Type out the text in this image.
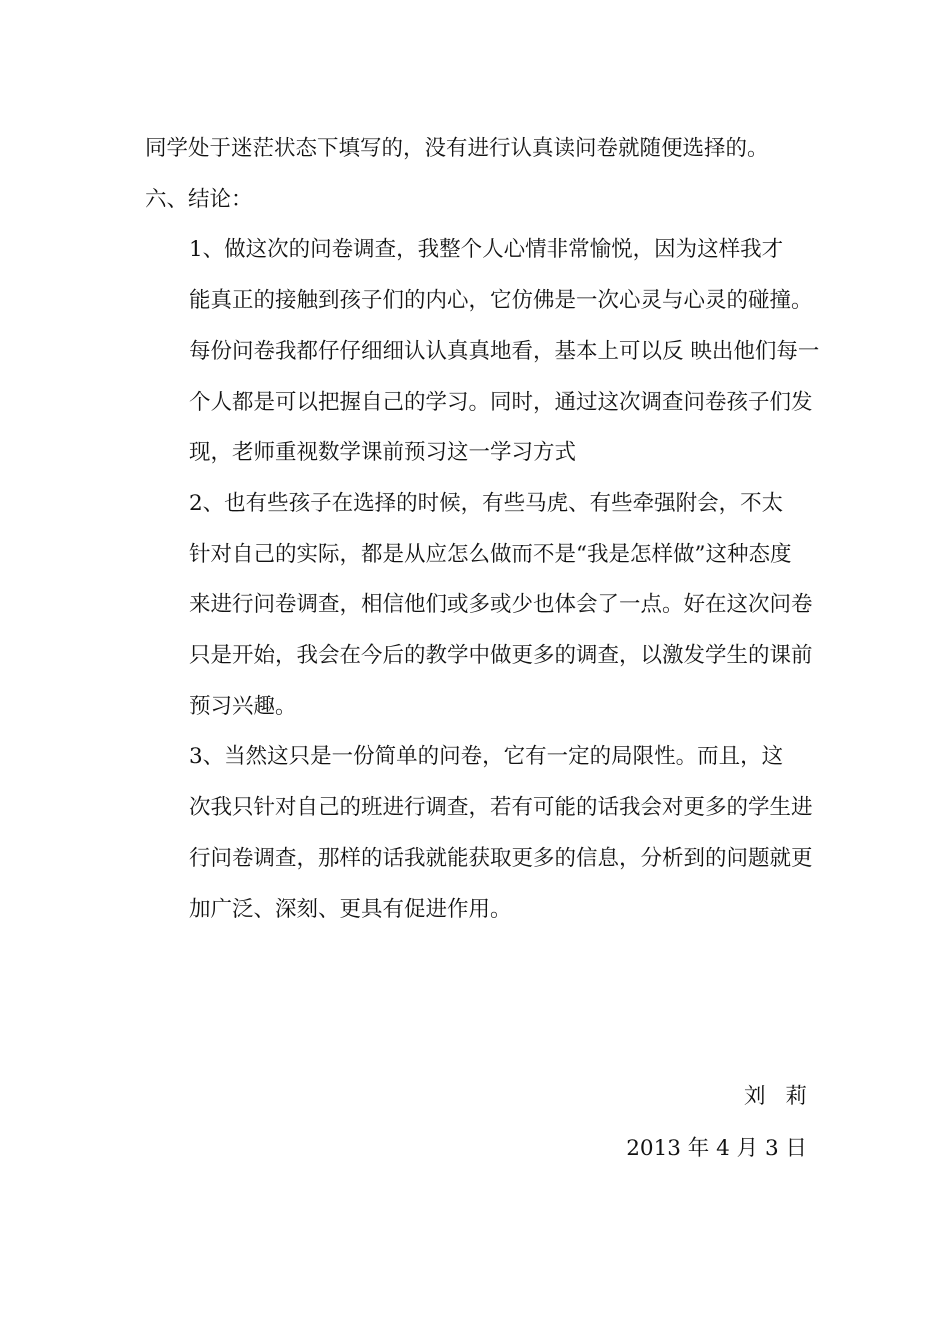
同学处于迷茫状态下填写的，没有进行认真读问卷就随便选择的。

六、结论：

1、做这次的问卷调查，我整个人心情非常愉悦，因为这样我才
能真正的接触到孩子们的内心，它仿佛是一次心灵与心灵的碰撞。
每份问卷我都仔仔细细认认真真地看，基本上可以反 映出他们每一
个人都是可以把握自己的学习。同时，通过这次调查问卷孩子们发
现，老师重视数学课前预习这一学习方式

2、也有些孩子在选择的时候，有些马虎、有些牵强附会，不太
针对自己的实际，都是从应怎么做而不是“我是怎样做”这种态度
来进行问卷调查，相信他们或多或少也体会了一点。好在这次问卷
只是开始，我会在今后的教学中做更多的调查，以激发学生的课前
预习兴趣。

3、当然这只是一份简单的问卷，它有一定的局限性。而且，这
次我只针对自己的班进行调查，若有可能的话我会对更多的学生进
行问卷调查，那样的话我就能获取更多的信息，分析到的问题就更
加广泛、深刻、更具有促进作用。

刘莉
2013 年 4 月 3 日
